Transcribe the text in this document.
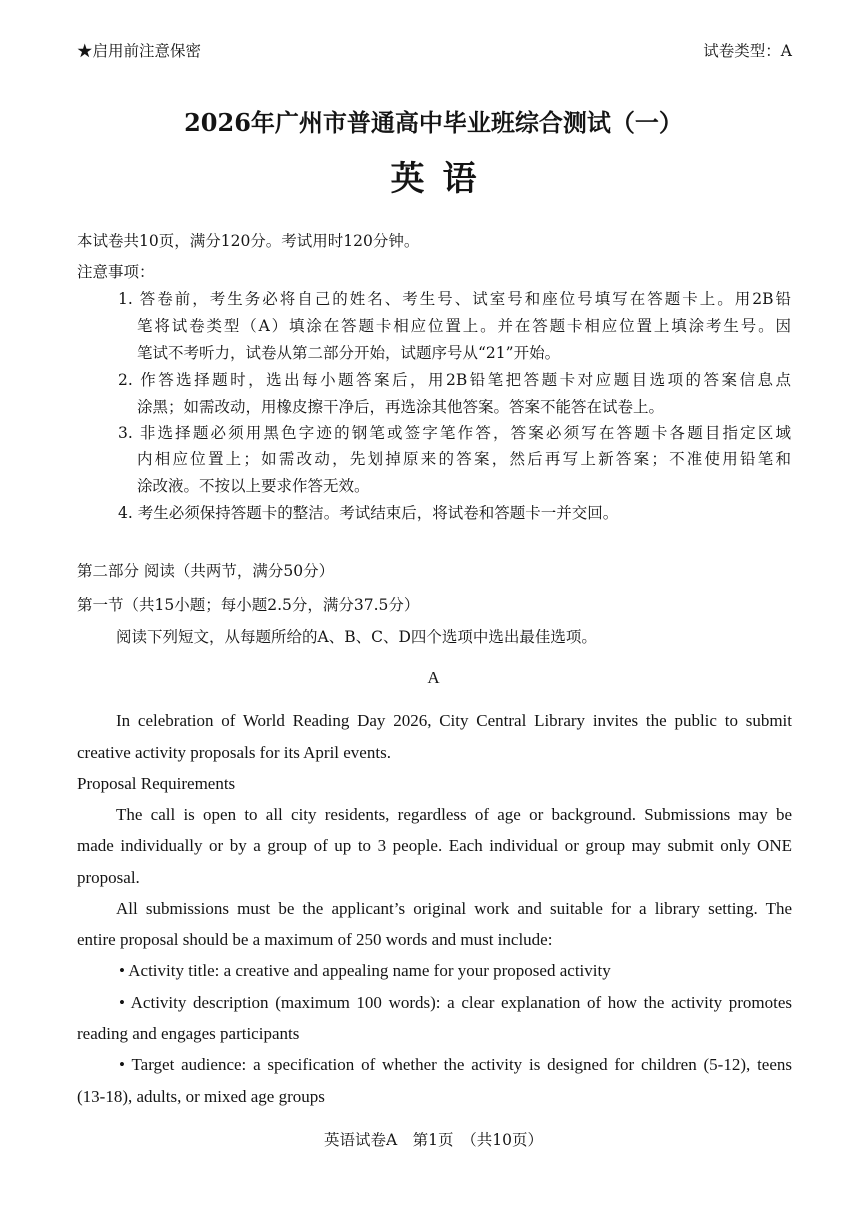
★启用前注意保密	试卷类型：A
2026年广州市普通高中毕业班综合测试（一）
英语
本试卷共10页，满分120分。考试用时120分钟。
注意事项：
1. 答卷前，考生务必将自己的姓名、考生号、试室号和座位号填写在答题卡上。用2B铅
笔将试卷类型（A）填涂在答题卡相应位置上。并在答题卡相应位置上填涂考生号。因
笔试不考听力，试卷从第二部分开始，试题序号从“21”开始。
2. 作答选择题时，选出每小题答案后，用2B铅笔把答题卡对应题目选项的答案信息点
涂黑；如需改动，用橡皮擦干净后，再选涂其他答案。答案不能答在试卷上。
3. 非选择题必须用黑色字迹的钢笔或签字笔作答，答案必须写在答题卡各题目指定区域
内相应位置上；如需改动，先划掉原来的答案，然后再写上新答案；不准使用铅笔和
涂改液。不按以上要求作答无效。
4. 考生必须保持答题卡的整洁。考试结束后，将试卷和答题卡一并交回。
第二部分 阅读（共两节，满分50分）
第一节（共15小题；每小题2.5分，满分37.5分）
阅读下列短文，从每题所给的A、B、C、D四个选项中选出最佳选项。
A
In celebration of World Reading Day 2026, City Central Library invites the public to submit
creative activity proposals for its April events.
Proposal Requirements
The call is open to all city residents, regardless of age or background. Submissions may be
made individually or by a group of up to 3 people. Each individual or group may submit only ONE
proposal.
All submissions must be the applicant’s original work and suitable for a library setting. The
entire proposal should be a maximum of 250 words and must include:
• Activity title: a creative and appealing name for your proposed activity
• Activity description (maximum 100 words): a clear explanation of how the activity promotes
reading and engages participants
• Target audience: a specification of whether the activity is designed for children (5-12), teens
(13-18), adults, or mixed age groups
英语试卷A　第1页　（共10页）
